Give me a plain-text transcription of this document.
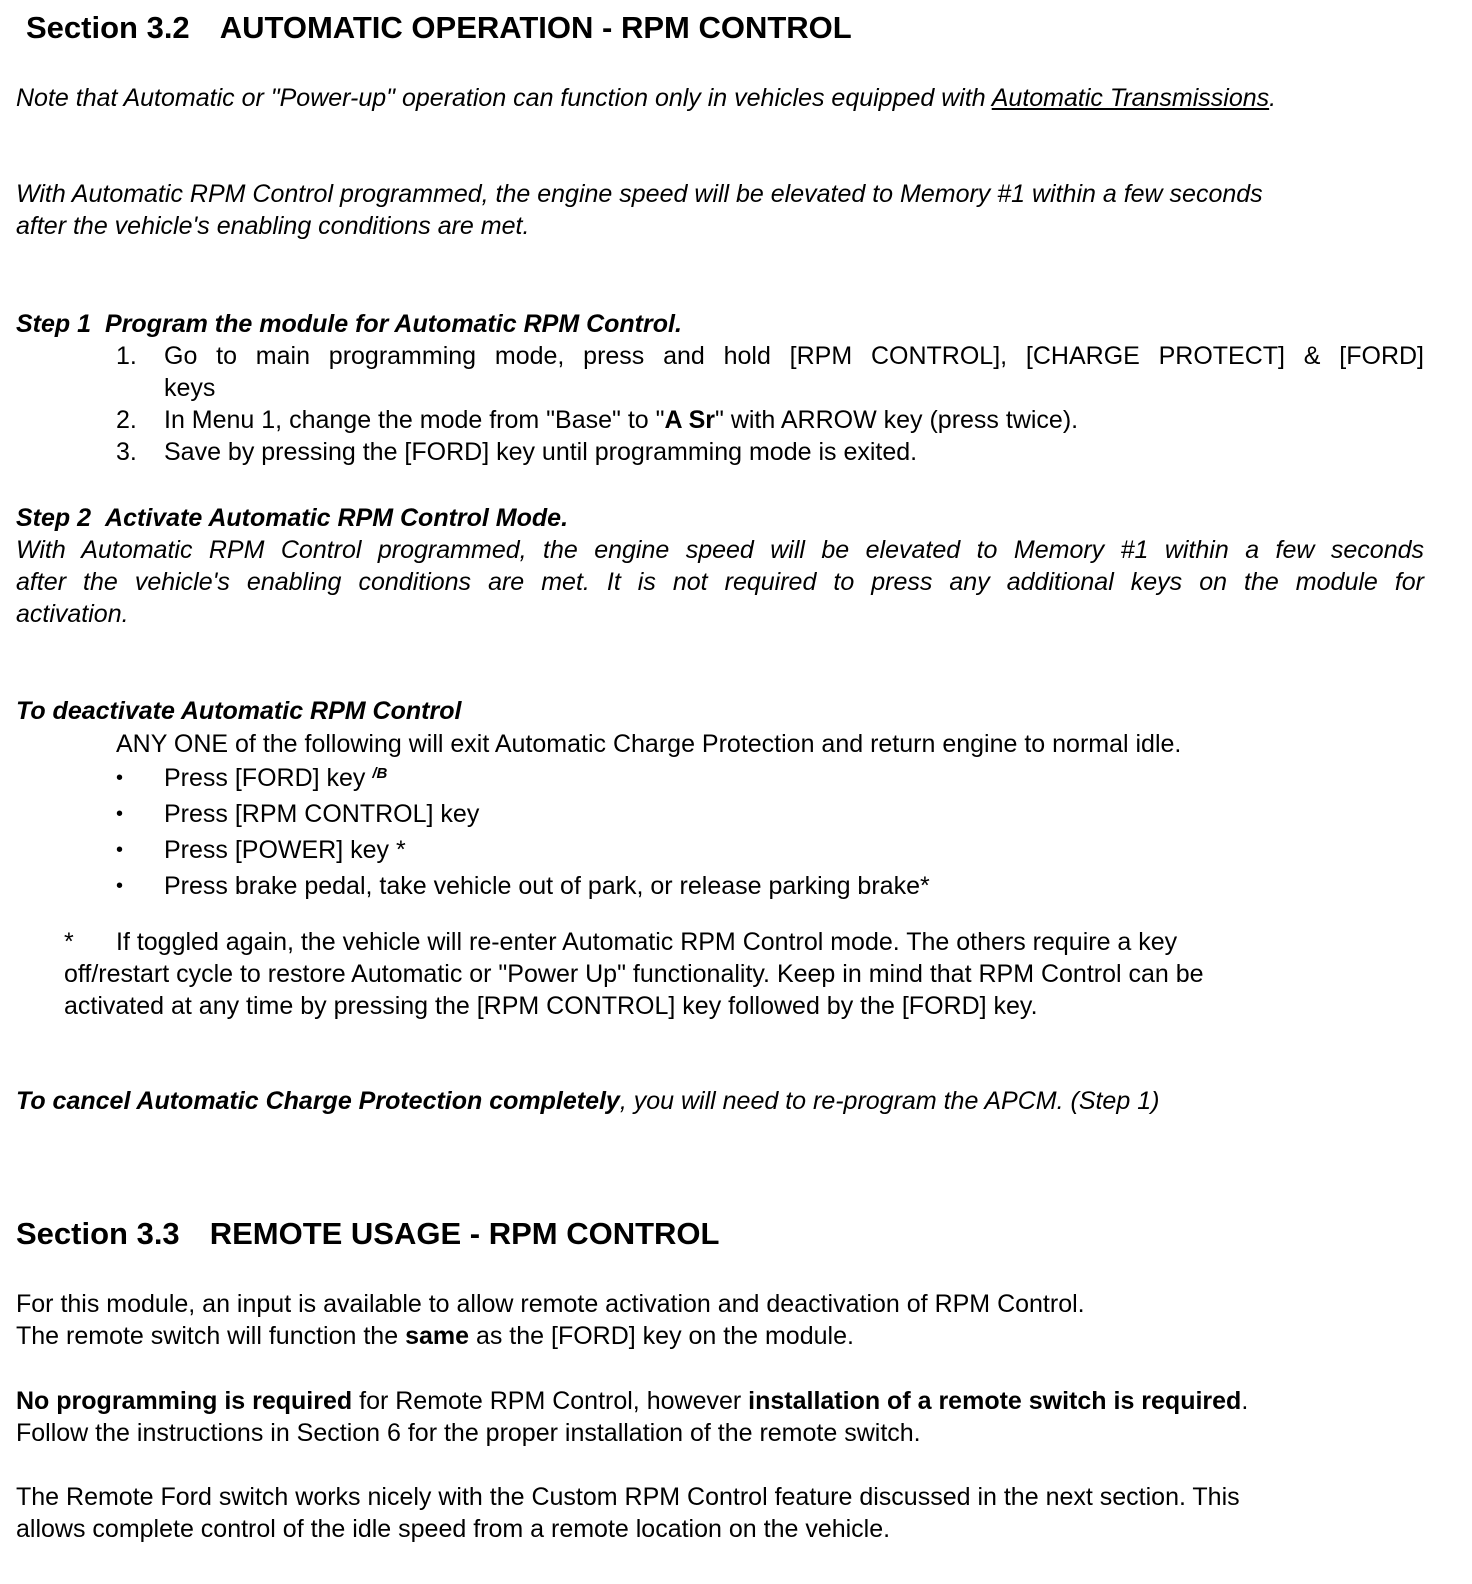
Section 3.2 AUTOMATIC OPERATION - RPM CONTROL
Note that Automatic or "Power-up" operation can function only in vehicles equipped with Automatic Transmissions.
With Automatic RPM Control programmed, the engine speed will be elevated to Memory #1 within a few seconds
after the vehicle's enabling conditions are met.
Step 1 Program the module for Automatic RPM Control.
1.	Go to main programming mode, press and hold [RPM CONTROL], [CHARGE PROTECT] & [FORD]
keys
2. In Menu 1, change the mode from "Base" to "A Sr" with ARROW key (press twice).
3. Save by pressing the [FORD] key until programming mode is exited.
Step 2 Activate Automatic RPM Control Mode.
With Automatic RPM Control programmed, the engine speed will be elevated to Memory #1 within a few seconds
after the vehicle's enabling conditions are met. It is not required to press any additional keys on the module for
activation.
To deactivate Automatic RPM Control
ANY ONE of the following will exit Automatic Charge Protection and return engine to normal idle.
• Press [FORD] key $^{/B}$
• Press [RPM CONTROL] key
• Press [POWER] key *
• Press brake pedal, take vehicle out of park, or release parking brake*
* If toggled again, the vehicle will re-enter Automatic RPM Control mode. The others require a key
off/restart cycle to restore Automatic or "Power Up" functionality. Keep in mind that RPM Control can be
activated at any time by pressing the [RPM CONTROL] key followed by the [FORD] key.
To cancel Automatic Charge Protection completely, you will need to re-program the APCM. (Step 1)
Section 3.3 REMOTE USAGE - RPM CONTROL
For this module, an input is available to allow remote activation and deactivation of RPM Control.
The remote switch will function the same as the [FORD] key on the module.
No programming is required for Remote RPM Control, however installation of a remote switch is required.
Follow the instructions in Section 6 for the proper installation of the remote switch.
The Remote Ford switch works nicely with the Custom RPM Control feature discussed in the next section. This
allows complete control of the idle speed from a remote location on the vehicle.
